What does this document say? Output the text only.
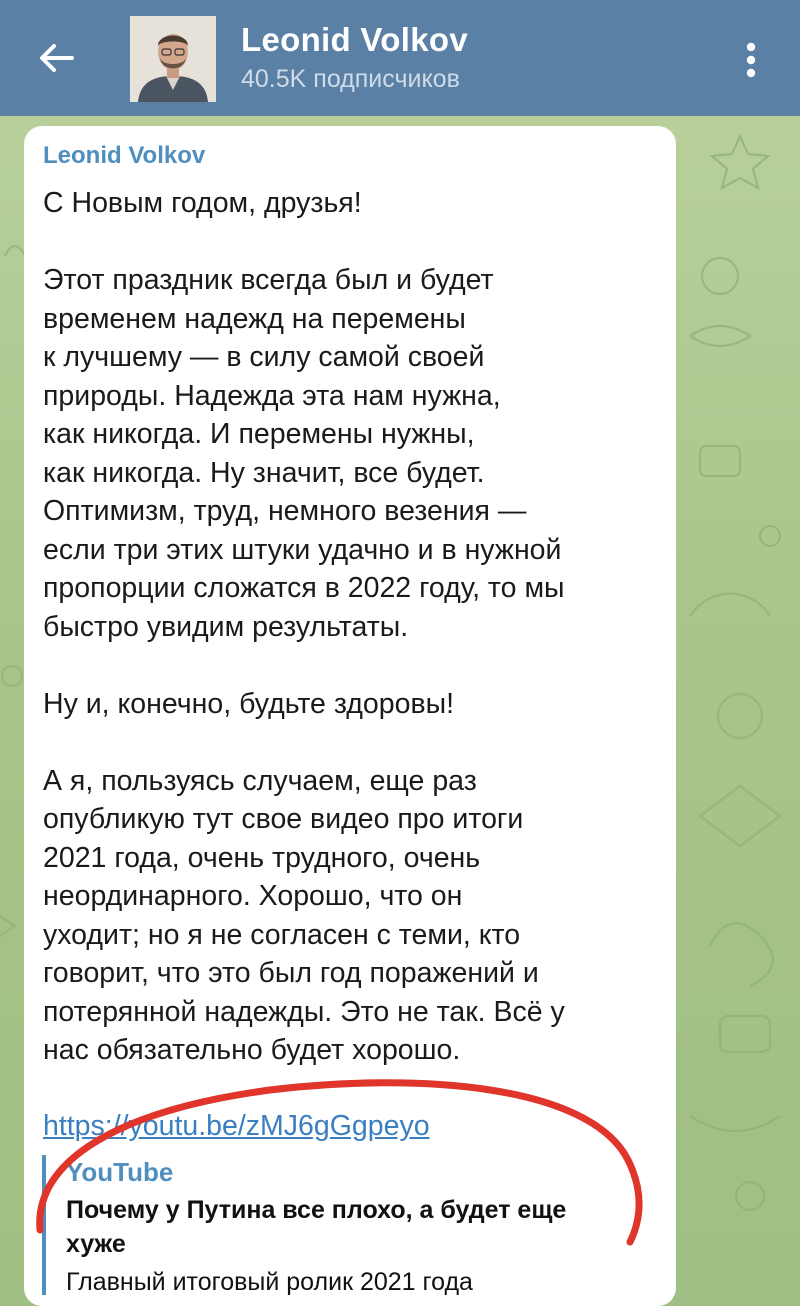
Leonid Volkov
40.5K подписчиков
Leonid Volkov
С Новым годом, друзья!

Этот праздник всегда был и будет
временем надежд на перемены
к лучшему — в силу самой своей
природы. Надежда эта нам нужна,
как никогда. И перемены нужны,
как никогда. Ну значит, все будет.
Оптимизм, труд, немного везения —
если три этих штуки удачно и в нужной
пропорции сложатся в 2022 году, то мы
быстро увидим результаты.

Ну и, конечно, будьте здоровы!

А я, пользуясь случаем, еще раз
опубликую тут свое видео про итоги
2021 года, очень трудного, очень
неординарного. Хорошо, что он
уходит; но я не согласен с теми, кто
говорит, что это был год поражений и
потерянной надежды. Это не так. Всё у
нас обязательно будет хорошо.
https://youtu.be/zMJ6gGgpeyo
YouTube
Почему у Путина все плохо, а будет еще хуже
Главный итоговый ролик 2021 года
